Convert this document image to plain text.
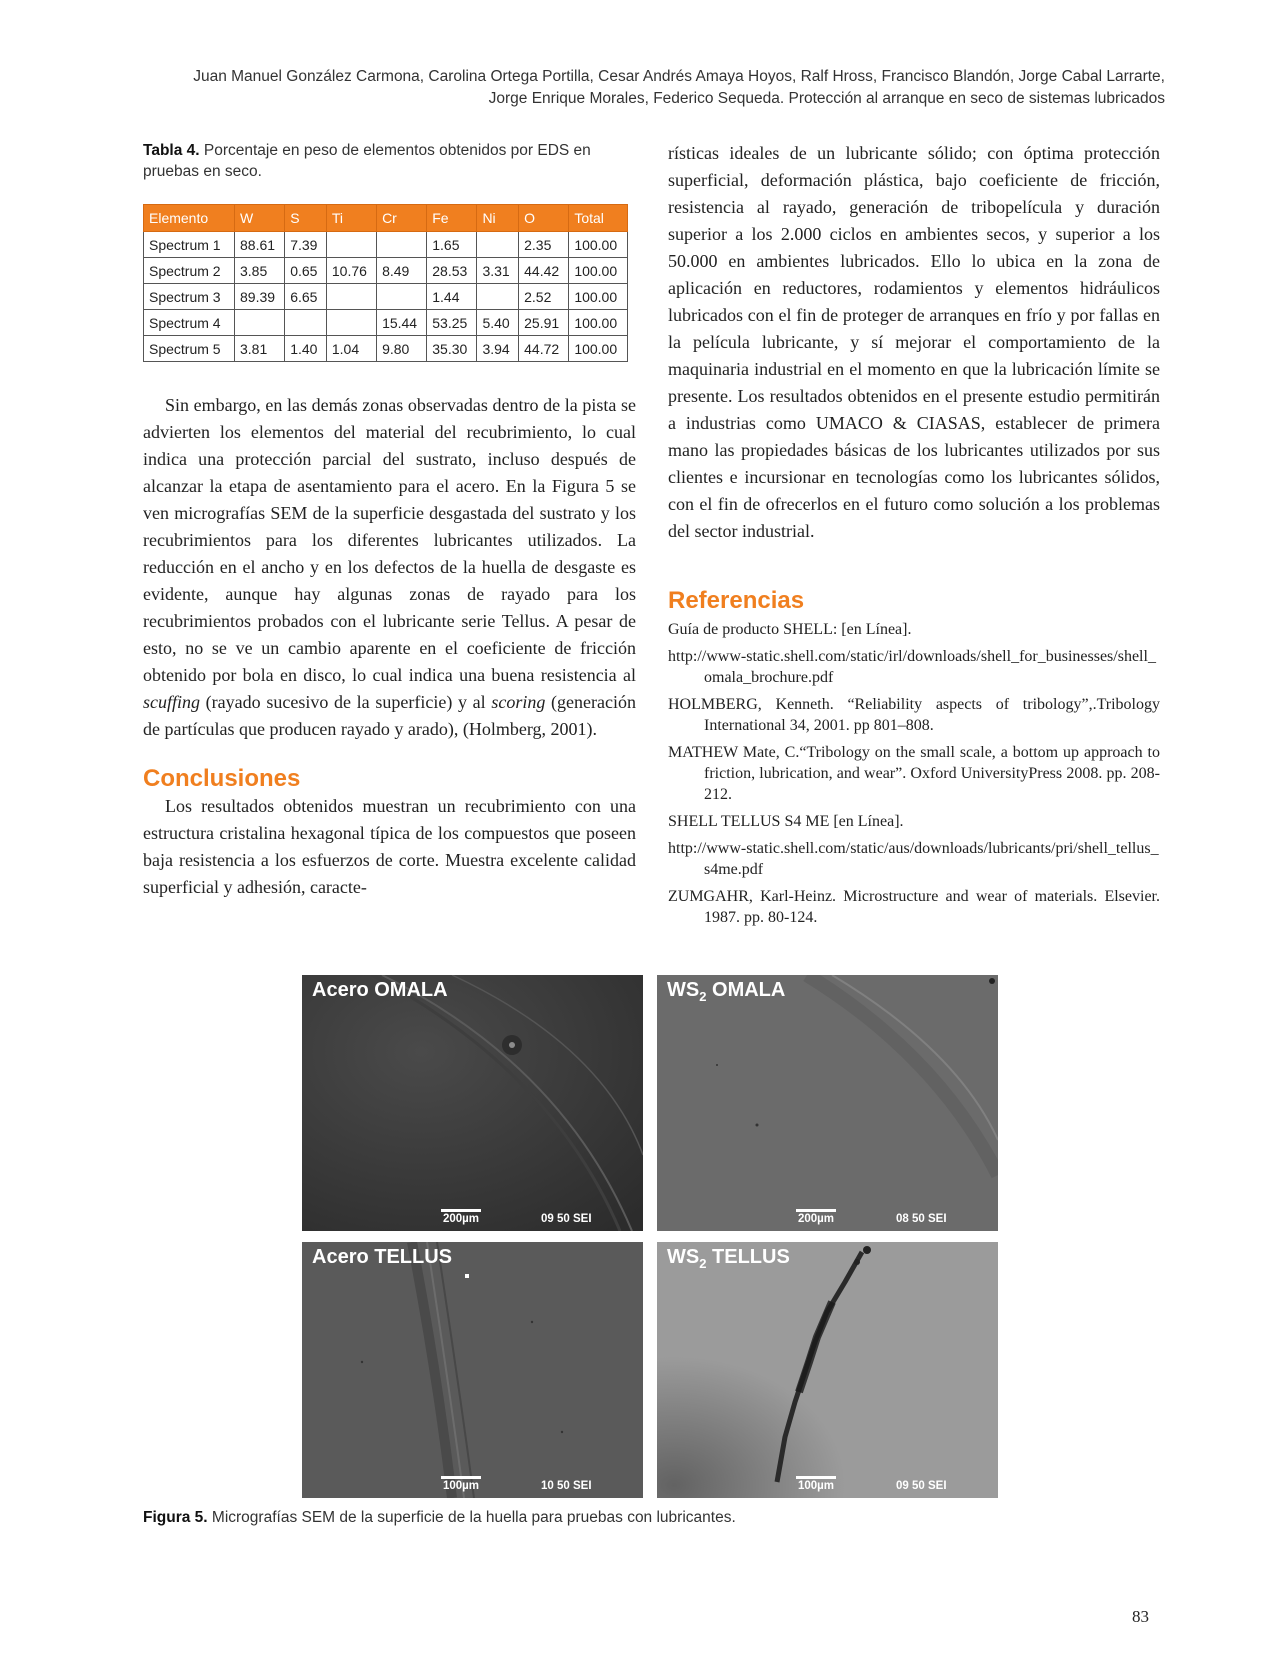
Juan Manuel González Carmona, Carolina Ortega Portilla, Cesar Andrés Amaya Hoyos, Ralf Hross, Francisco Blandón, Jorge Cabal Larrarte,
Jorge Enrique Morales, Federico Sequeda. Protección al arranque en seco de sistemas lubricados
Tabla 4. Porcentaje en peso de elementos obtenidos por EDS en pruebas en seco.
Elemento	W	S	Ti	Cr	Fe	Ni	O	Total
Spectrum 1	88.61	7.39			1.65		2.35	100.00
Spectrum 2	3.85	0.65	10.76	8.49	28.53	3.31	44.42	100.00
Spectrum 3	89.39	6.65			1.44		2.52	100.00
Spectrum 4				15.44	53.25	5.40	25.91	100.00
Spectrum 5	3.81	1.40	1.04	9.80	35.30	3.94	44.72	100.00

Sin embargo, en las demás zonas observadas dentro de la pista se advierten los elementos del material del recubrimiento, lo cual indica una protección parcial del sustrato, incluso después de alcanzar la etapa de asentamiento para el acero. En la Figura 5 se ven micrografías SEM de la superficie desgastada del sustrato y los recubrimientos para los diferentes lubricantes utilizados. La reducción en el ancho y en los defectos de la huella de desgaste es evidente, aunque hay algunas zonas de rayado para los recubrimientos probados con el lubricante serie Tellus. A pesar de esto, no se ve un cambio aparente en el coeficiente de fricción obtenido por bola en disco, lo cual indica una buena resistencia al scuffing (rayado sucesivo de la superficie) y al scoring (generación de partículas que producen rayado y arado), (Holmberg, 2001).

Conclusiones

Los resultados obtenidos muestran un recubrimiento con una estructura cristalina hexagonal típica de los compuestos que poseen baja resistencia a los esfuerzos de corte. Muestra excelente calidad superficial y adhesión, caracte-

rísticas ideales de un lubricante sólido; con óptima protección superficial, deformación plástica, bajo coeficiente de fricción, resistencia al rayado, generación de tribopelícula y duración superior a los 2.000 ciclos en ambientes secos, y superior a los 50.000 en ambientes lubricados. Ello lo ubica en la zona de aplicación en reductores, rodamientos y elementos hidráulicos lubricados con el fin de proteger de arranques en frío y por fallas en la película lubricante, y sí mejorar el comportamiento de la maquinaria industrial en el momento en que la lubricación límite se presente. Los resultados obtenidos en el presente estudio permitirán a industrias como UMACO & CIASAS, establecer de primera mano las propiedades básicas de los lubricantes utilizados por sus clientes e incursionar en tecnologías como los lubricantes sólidos, con el fin de ofrecerlos en el futuro como solución a los problemas del sector industrial.

Referencias

Guía de producto SHELL: [en Línea].

http://www-static.shell.com/static/irl/downloads/shell_for_businesses/shell_omala_brochure.pdf

HOLMBERG, Kenneth. “Reliability aspects of tribology”,.Tribology International 34, 2001. pp 801–808.

MATHEW Mate, C.“Tribology on the small scale, a bottom up approach to friction, lubrication, and wear”. Oxford UniversityPress 2008. pp. 208-212.

SHELL TELLUS S4 ME [en Línea].

http://www-static.shell.com/static/aus/downloads/lubricants/pri/shell_tellus_s4me.pdf

ZUMGAHR, Karl-Heinz. Microstructure and wear of materials. Elsevier. 1987. pp. 80-124.

Acero OMALA
200µm	09 50 SEI
$WS_2$ OMALA
200µm	08 50 SEI
Acero TELLUS
100µm	10 50 SEI
$WS_2$ TELLUS
100µm	09 50 SEI
Figura 5. Micrografías SEM de la superficie de la huella para pruebas con lubricantes.
83
